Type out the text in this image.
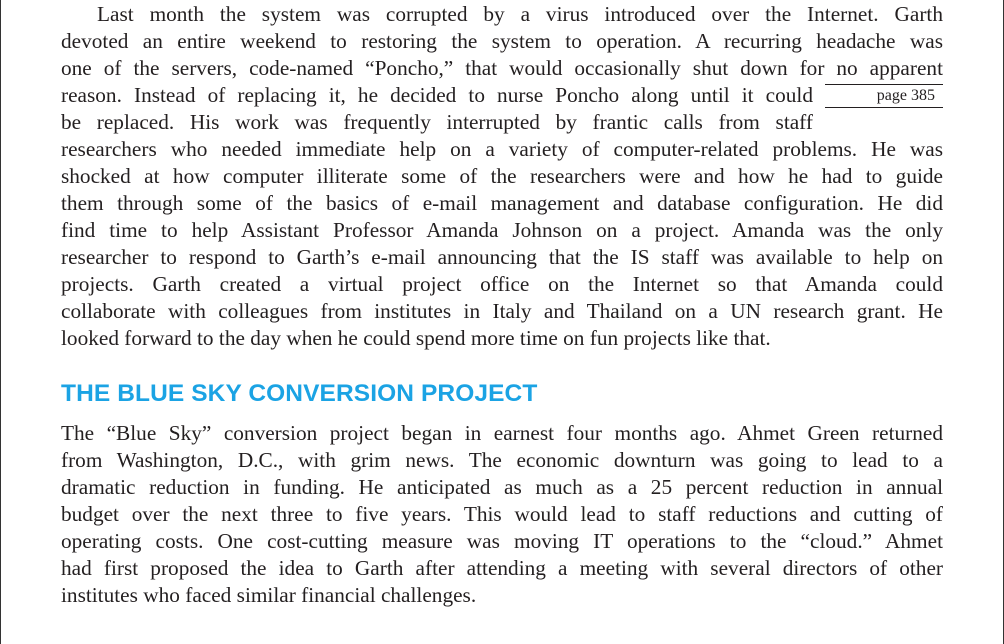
Last month the system was corrupted by a virus introduced over the Internet. Garth
devoted an entire weekend to restoring the system to operation. A recurring headache was
one of the servers, code-named “Poncho,” that would occasionally shut down for no apparent
reason. Instead of replacing it, he decided to nurse Poncho along until it could
be replaced. His work was frequently interrupted by frantic calls from staff
researchers who needed immediate help on a variety of computer-related problems. He was
shocked at how computer illiterate some of the researchers were and how he had to guide
them through some of the basics of e-mail management and database configuration. He did
find time to help Assistant Professor Amanda Johnson on a project. Amanda was the only
researcher to respond to Garth’s e-mail announcing that the IS staff was available to help on
projects. Garth created a virtual project office on the Internet so that Amanda could
collaborate with colleagues from institutes in Italy and Thailand on a UN research grant. He
looked forward to the day when he could spend more time on fun projects like that.
page 385
THE BLUE SKY CONVERSION PROJECT
The “Blue Sky” conversion project began in earnest four months ago. Ahmet Green returned
from Washington, D.C., with grim news. The economic downturn was going to lead to a
dramatic reduction in funding. He anticipated as much as a 25 percent reduction in annual
budget over the next three to five years. This would lead to staff reductions and cutting of
operating costs. One cost-cutting measure was moving IT operations to the “cloud.” Ahmet
had first proposed the idea to Garth after attending a meeting with several directors of other
institutes who faced similar financial challenges.
